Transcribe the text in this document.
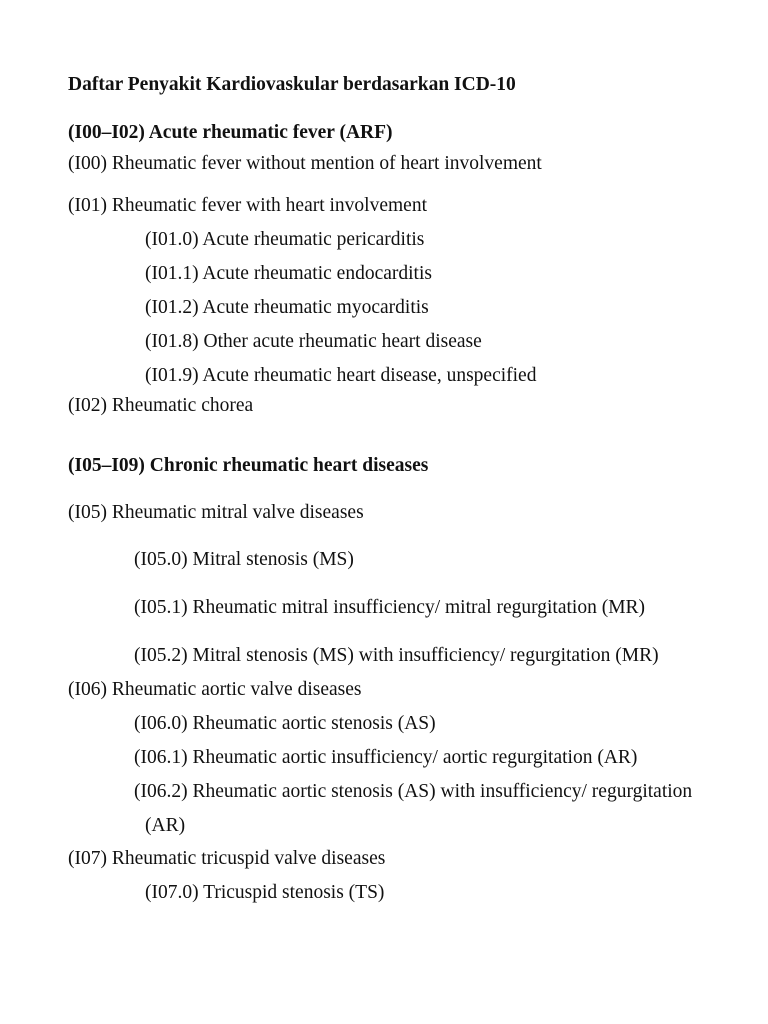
Daftar Penyakit Kardiovaskular berdasarkan ICD-10
(I00–I02) Acute rheumatic fever (ARF)
(I00) Rheumatic fever without mention of heart involvement
(I01) Rheumatic fever with heart involvement
(I01.0) Acute rheumatic pericarditis
(I01.1) Acute rheumatic endocarditis
(I01.2) Acute rheumatic myocarditis
(I01.8) Other acute rheumatic heart disease
(I01.9) Acute rheumatic heart disease, unspecified
(I02) Rheumatic chorea
(I05–I09) Chronic rheumatic heart diseases
(I05) Rheumatic mitral valve diseases
(I05.0) Mitral stenosis (MS)
(I05.1) Rheumatic mitral insufficiency/ mitral regurgitation (MR)
(I05.2) Mitral stenosis (MS) with insufficiency/ regurgitation (MR)
(I06) Rheumatic aortic valve diseases
(I06.0) Rheumatic aortic stenosis (AS)
(I06.1) Rheumatic aortic insufficiency/ aortic regurgitation (AR)
(I06.2) Rheumatic aortic stenosis (AS) with insufficiency/ regurgitation
(AR)
(I07) Rheumatic tricuspid valve diseases
(I07.0) Tricuspid stenosis (TS)
